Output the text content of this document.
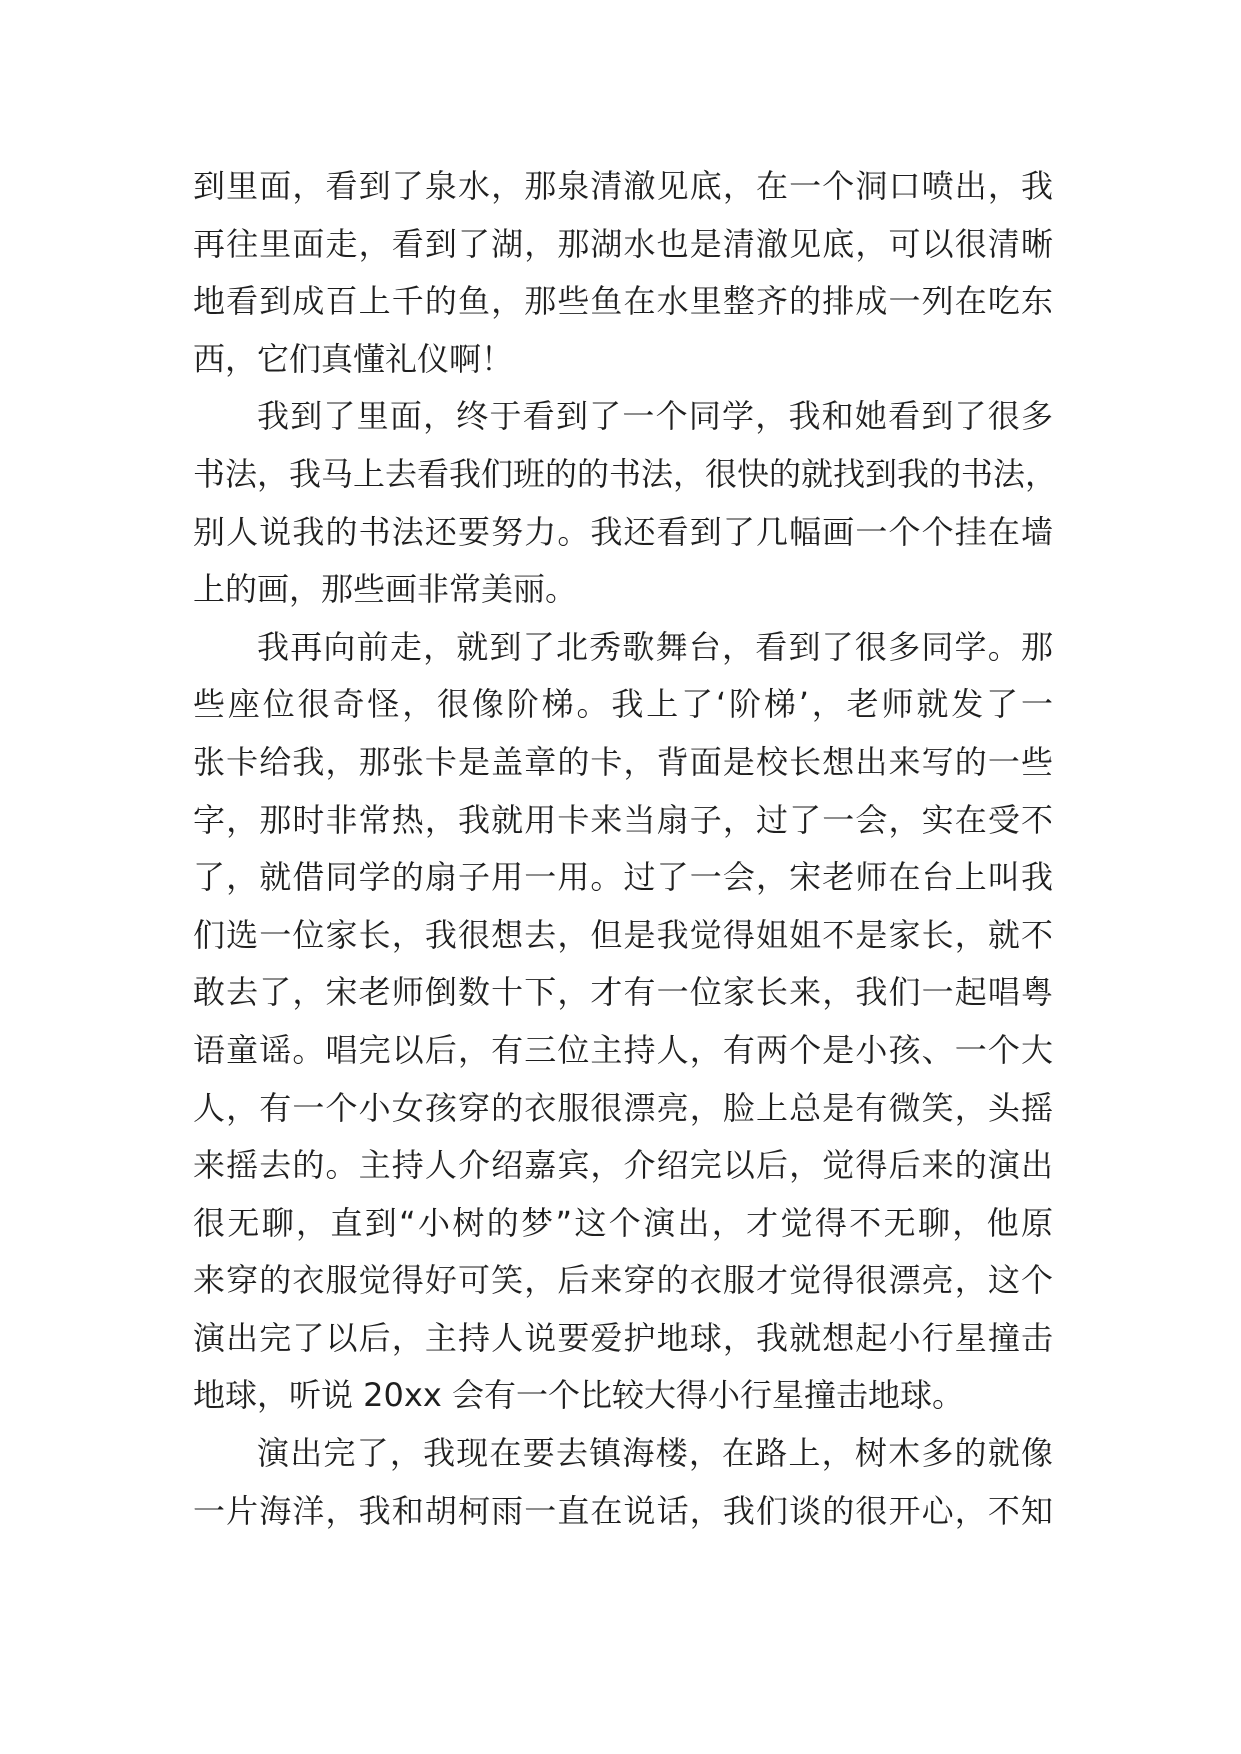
到里面，看到了泉水，那泉清澈见底，在一个洞口喷出，我
再往里面走，看到了湖，那湖水也是清澈见底，可以很清晰
地看到成百上千的鱼，那些鱼在水里整齐的排成一列在吃东
西，它们真懂礼仪啊！
我到了里面，终于看到了一个同学，我和她看到了很多
书法，我马上去看我们班的的书法，很快的就找到我的书法，
别人说我的书法还要努力。我还看到了几幅画一个个挂在墙
上的画，那些画非常美丽。
我再向前走，就到了北秀歌舞台，看到了很多同学。那
些座位很奇怪，很像阶梯。我上了‘阶梯’，老师就发了一
张卡给我，那张卡是盖章的卡，背面是校长想出来写的一些
字，那时非常热，我就用卡来当扇子，过了一会，实在受不
了，就借同学的扇子用一用。过了一会，宋老师在台上叫我
们选一位家长，我很想去，但是我觉得姐姐不是家长，就不
敢去了，宋老师倒数十下，才有一位家长来，我们一起唱粤
语童谣。唱完以后，有三位主持人，有两个是小孩、一个大
人，有一个小女孩穿的衣服很漂亮，脸上总是有微笑，头摇
来摇去的。主持人介绍嘉宾，介绍完以后，觉得后来的演出
很无聊，直到“小树的梦”这个演出，才觉得不无聊，他原
来穿的衣服觉得好可笑，后来穿的衣服才觉得很漂亮，这个
演出完了以后，主持人说要爱护地球，我就想起小行星撞击
地球，听说 20xx 会有一个比较大得小行星撞击地球。
演出完了，我现在要去镇海楼，在路上，树木多的就像
一片海洋，我和胡柯雨一直在说话，我们谈的很开心，不知
